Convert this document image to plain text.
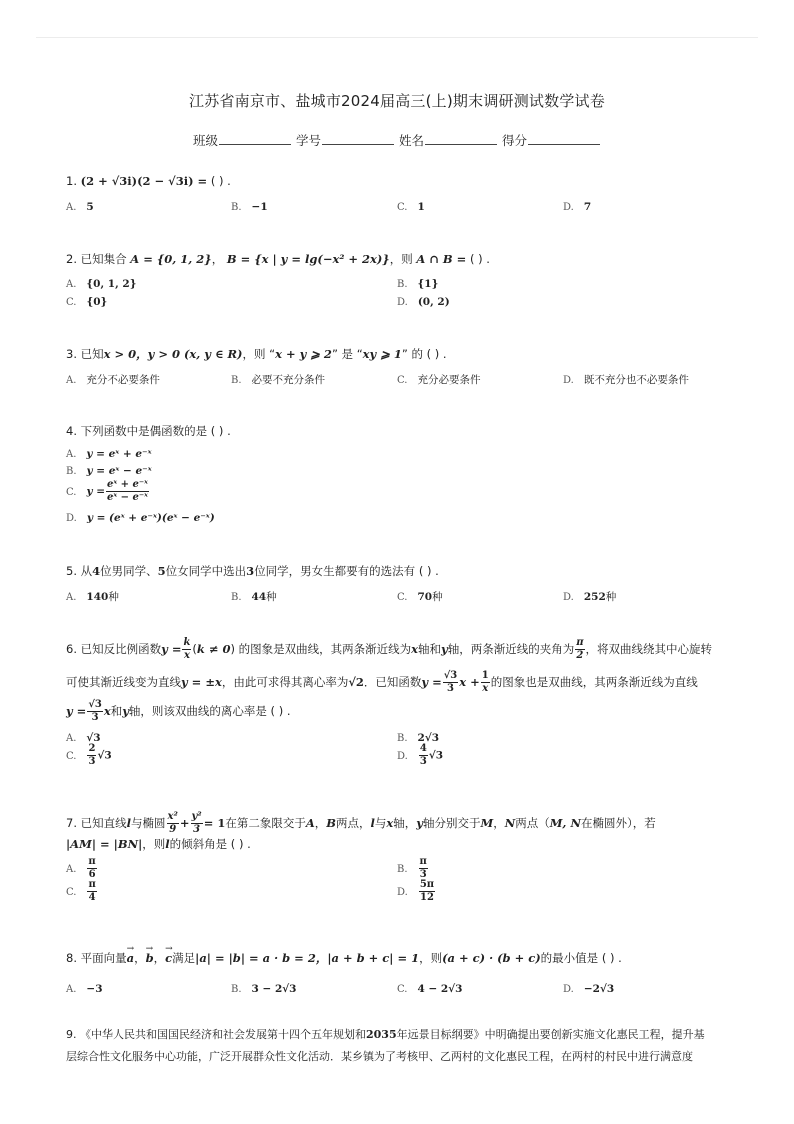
江苏省南京市、盐城市2024届高三(上)期末调研测试数学试卷
班级	学号	姓名	得分
1. (2 + √3i)(2 − √3i) = ( ) .
A. 5	B. −1	C. 1	D. 7
2. 已知集合 A = {0, 1, 2}， B = {x | y = lg(−x² + 2x)}，则 A ∩ B = ( ) .
A. {0, 1, 2}	B. {1}
C. {0}	D. (0, 2)
3. 已知x > 0，y > 0 (x, y ∈ R)，则 “x + y ⩾ 2” 是 “xy ⩾ 1” 的 ( ) .
A. 充分不必要条件	B. 必要不充分条件	C. 充分必要条件	D. 既不充分也不必要条件
4. 下列函数中是偶函数的是 ( ) .
A. y = eˣ + e⁻ˣ
B. y = eˣ − e⁻ˣ
C. $y = \frac{\text{eˣ + e⁻ˣ}}{\text{eˣ − e⁻ˣ}}$
D. y = (eˣ + e⁻ˣ)(eˣ − e⁻ˣ)
5. 从4位男同学、5位女同学中选出3位同学，男女生都要有的选法有 ( ) .
A. 140种	B. 44种	C. 70种	D. 252种
6. 已知反比例函数$y = \frac{k}{x} (k \ne 0)$ 的图象是双曲线，其两条渐近线为x轴和y轴，两条渐近线的夹角为 $\frac{\pi}{2}$ ，将双曲线绕其中心旋转
可使其渐近线变为直线y = ±x，由此可求得其离心率为√2．已知函数$y = \frac{√3}{3}$ $x + \frac{1}{x}$ 的图象也是双曲线，其两条渐近线为直线
$y = \frac{√3}{3}$ x和y轴，则该双曲线的离心率是 ( ) .
A. √3	B. 2√3
C. $\frac{2}{3} √3$	D. $\frac{4}{3} √3$
7. 已知直线l与椭圆 $\frac{\text{x²}}{9} + \frac{\text{y²}}{3} = 1$在第二象限交于A，B两点，l与x轴，y轴分别交于M，N两点（M, N在椭圆外），若
|AM| = |BN|，则l的倾斜角是 ( ) .
A. $\frac{\pi}{6}$	B. $\frac{\pi}{3}$
C. $\frac{\pi}{4}$	D. $\frac{5\pi}{12}$
8. 平面向量→ a，→ b，→ c满足|a| = |b| = a · b = 2，|a + b + c| = 1，则(a + c) · (b + c)的最小值是 ( ) .
A. −3	B. 3 − 2√3	C. 4 − 2√3	D. −2√3
9. 《中华人民共和国国民经济和社会发展第十四个五年规划和2035年远景目标纲要》中明确提出要创新实施文化惠民工程，提升基
层综合性文化服务中心功能，广泛开展群众性文化活动．某乡镇为了考核甲、乙两村的文化惠民工程，在两村的村民中进行满意度
